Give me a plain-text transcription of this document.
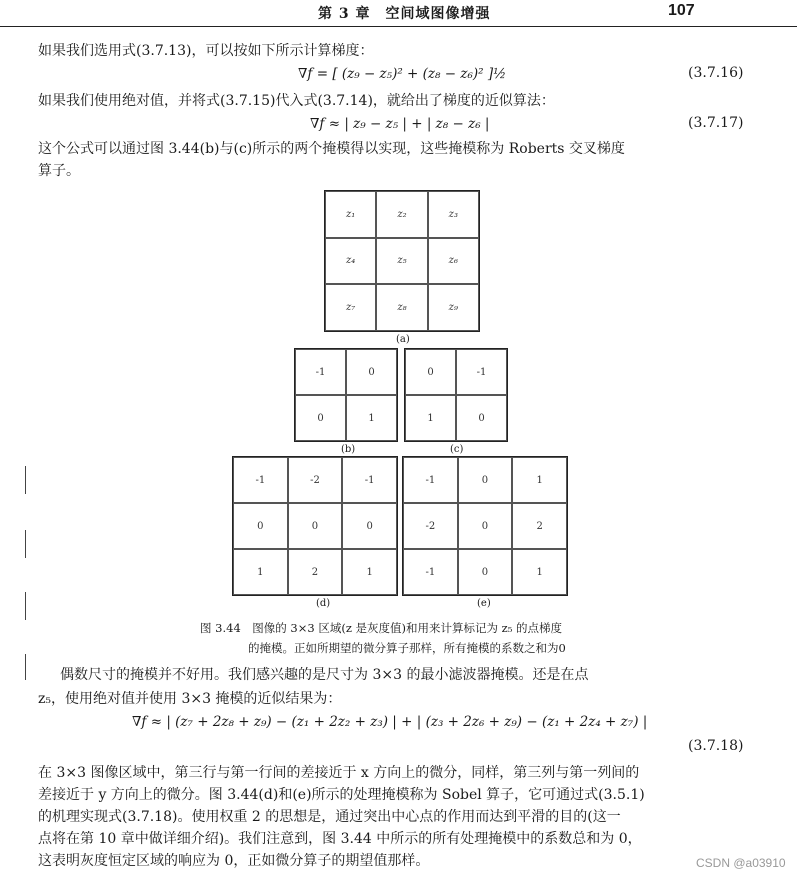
第 3 章　空间域图像增强	107
如果我们选用式(3.7.13)，可以按如下所示计算梯度：
∇f = [ (z₉ − z₅)² + (z₈ − z₆)² ]½	(3.7.16)
如果我们使用绝对值，并将式(3.7.15)代入式(3.7.14)，就给出了梯度的近似算法：
∇f ≈ | z₉ − z₅ | + | z₈ − z₆ |	(3.7.17)
这个公式可以通过图 3.44(b)与(c)所示的两个掩模得以实现，这些掩模称为 Roberts 交叉梯度
算子。
z₁	z₂	z₃
z₄	z₅	z₆
z₇	z₈	z₉
(a)
-1	0
0	1
(b)
0	-1
1	0
(c)
-1	-2	-1
0	0	0
1	2	1
(d)
-1	0	1
-2	0	2
-1	0	1
(e)
图 3.44　图像的 3×3 区域(z 是灰度值)和用来计算标记为 z₅ 的点梯度
的掩模。正如所期望的微分算子那样，所有掩模的系数之和为0
偶数尺寸的掩模并不好用。我们感兴趣的是尺寸为 3×3 的最小滤波器掩模。还是在点
z₅，使用绝对值并使用 3×3 掩模的近似结果为：
∇f ≈ | (z₇ + 2z₈ + z₉) − (z₁ + 2z₂ + z₃) | + | (z₃ + 2z₆ + z₉) − (z₁ + 2z₄ + z₇) |
(3.7.18)
在 3×3 图像区域中，第三行与第一行间的差接近于 x 方向上的微分，同样，第三列与第一列间的
差接近于 y 方向上的微分。图 3.44(d)和(e)所示的处理掩模称为 Sobel 算子，它可通过式(3.5.1)
的机理实现式(3.7.18)。使用权重 2 的思想是，通过突出中心点的作用而达到平滑的目的(这一
点将在第 10 章中做详细介绍)。我们注意到，图 3.44 中所示的所有处理掩模中的系数总和为 0，
这表明灰度恒定区域的响应为 0，正如微分算子的期望值那样。	CSDN @a03910
